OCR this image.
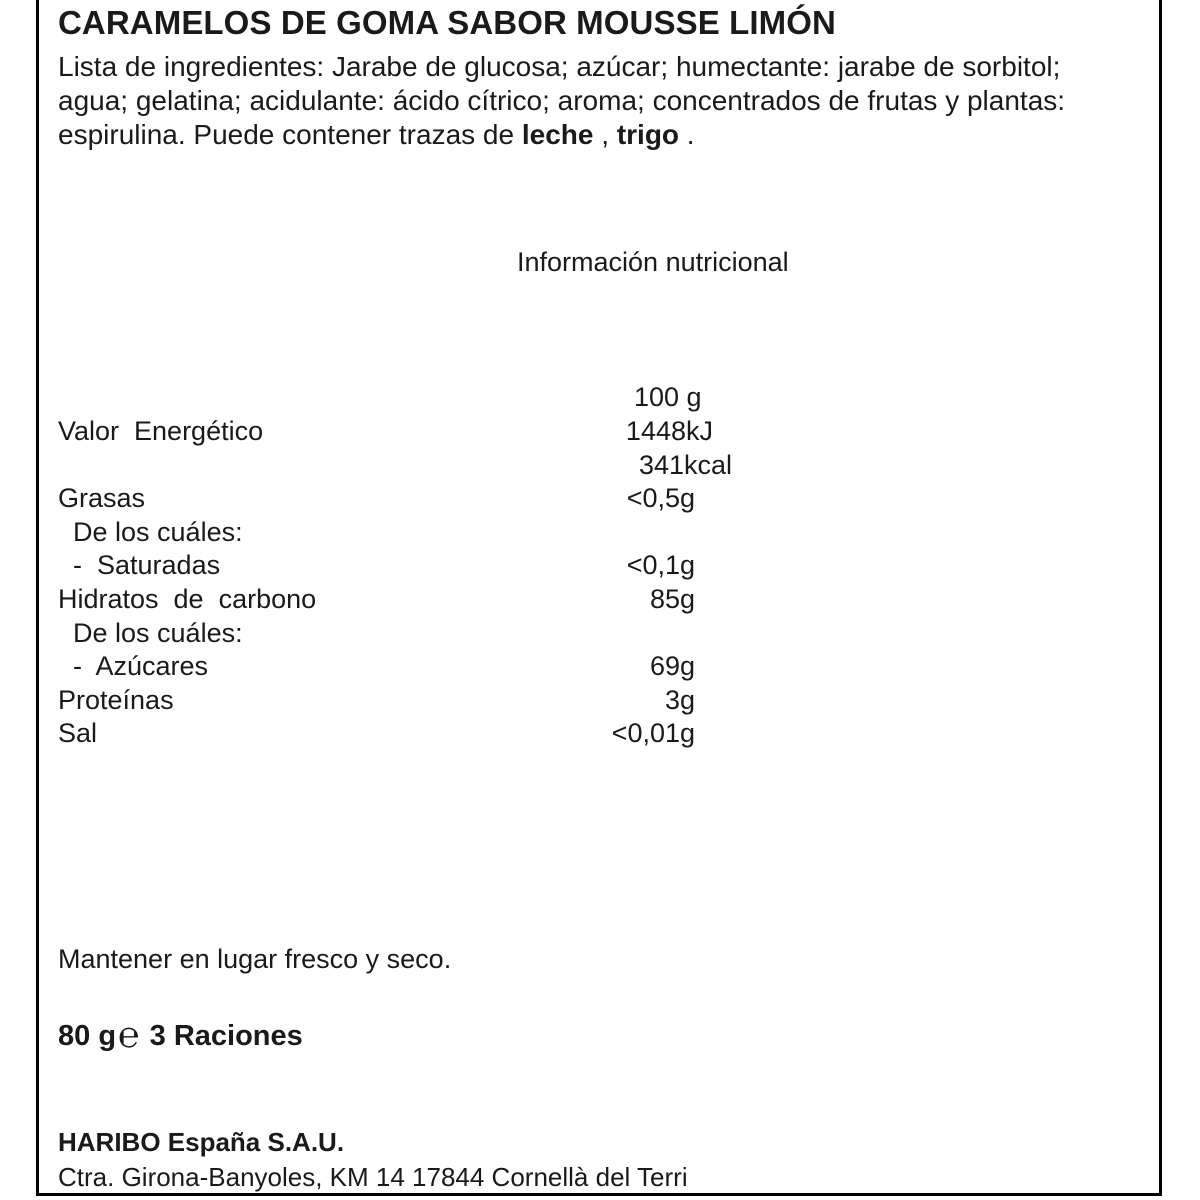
CARAMELOS DE GOMA SABOR MOUSSE LIMÓN
Lista de ingredientes: Jarabe de glucosa; azúcar; humectante: jarabe de sorbitol; agua; gelatina; acidulante: ácido cítrico; aroma; concentrados de frutas y plantas: espirulina. Puede contener trazas de leche , trigo .
Información nutricional
100 g
Valor  Energético	1448 kJ
341 kcal
Grasas	<0,5 g
De los cuáles:
-  Saturadas	<0,1 g
Hidratos  de  carbono	85 g
De los cuáles:
-  Azúcares	69 g
Proteínas	3 g
Sal	<0,01 g
Mantener en lugar fresco y seco.
80 g℮ 3 Raciones
HARIBO España S.A.U.
Ctra. Girona-Banyoles, KM 14 17844 Cornellà del Terri
